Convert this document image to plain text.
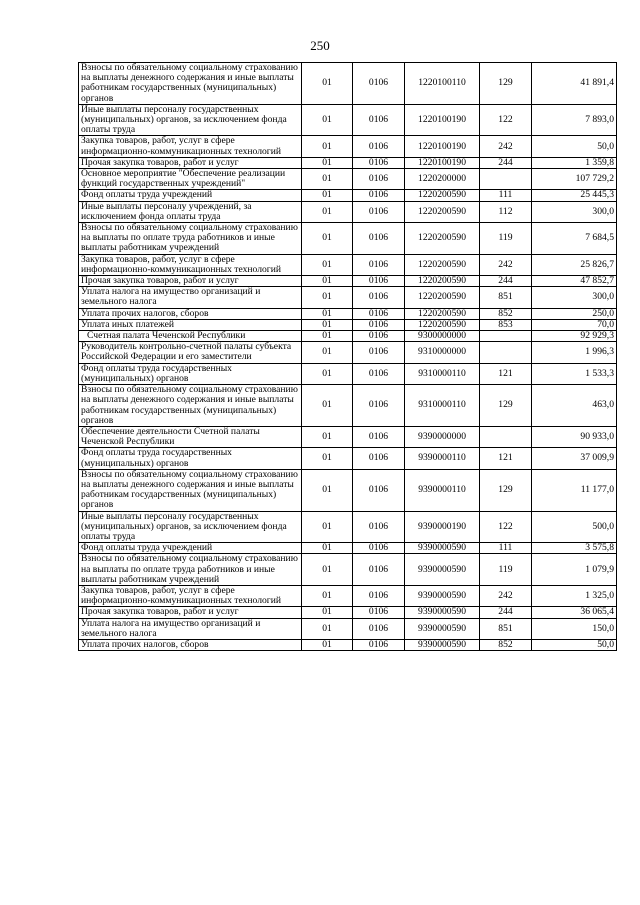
250
Взносы по обязательному социальному страхованию на выплаты денежного содержания и иные выплаты работникам государственных (муниципальных) органов	01	0106	1220100110	129	41 891,4
Иные выплаты персоналу государственных (муниципальных) органов, за исключением фонда оплаты труда	01	0106	1220100190	122	7 893,0
Закупка товаров, работ, услуг в сфере информационно-коммуникационных технологий	01	0106	1220100190	242	50,0
Прочая закупка товаров, работ и услуг	01	0106	1220100190	244	1 359,8
Основное мероприятие "Обеспечение реализации функций государственных учреждений"	01	0106	1220200000		107 729,2
Фонд оплаты труда учреждений	01	0106	1220200590	111	25 445,3
Иные выплаты персоналу учреждений, за исключением фонда оплаты труда	01	0106	1220200590	112	300,0
Взносы по обязательному социальному страхованию на выплаты по оплате труда работников и иные выплаты работникам учреждений	01	0106	1220200590	119	7 684,5
Закупка товаров, работ, услуг в сфере информационно-коммуникационных технологий	01	0106	1220200590	242	25 826,7
Прочая закупка товаров, работ и услуг	01	0106	1220200590	244	47 852,7
Уплата налога на имущество организаций и земельного налога	01	0106	1220200590	851	300,0
Уплата прочих налогов, сборов	01	0106	1220200590	852	250,0
Уплата иных платежей	01	0106	1220200590	853	70,0
Счетная палата Чеченской Республики	01	0106	9300000000		92 929,3
Руководитель контрольно-счетной палаты субъекта Российской Федерации и его заместители	01	0106	9310000000		1 996,3
Фонд оплаты труда государственных (муниципальных) органов	01	0106	9310000110	121	1 533,3
Взносы по обязательному социальному страхованию на выплаты денежного содержания и иные выплаты работникам государственных (муниципальных) органов	01	0106	9310000110	129	463,0
Обеспечение деятельности Счетной палаты Чеченской Республики	01	0106	9390000000		90 933,0
Фонд оплаты труда государственных (муниципальных) органов	01	0106	9390000110	121	37 009,9
Взносы по обязательному социальному страхованию на выплаты денежного содержания и иные выплаты работникам государственных (муниципальных) органов	01	0106	9390000110	129	11 177,0
Иные выплаты персоналу государственных (муниципальных) органов, за исключением фонда оплаты труда	01	0106	9390000190	122	500,0
Фонд оплаты труда учреждений	01	0106	9390000590	111	3 575,8
Взносы по обязательному социальному страхованию на выплаты по оплате труда работников и иные выплаты работникам учреждений	01	0106	9390000590	119	1 079,9
Закупка товаров, работ, услуг в сфере информационно-коммуникационных технологий	01	0106	9390000590	242	1 325,0
Прочая закупка товаров, работ и услуг	01	0106	9390000590	244	36 065,4
Уплата налога на имущество организаций и земельного налога	01	0106	9390000590	851	150,0
Уплата прочих налогов, сборов	01	0106	9390000590	852	50,0
